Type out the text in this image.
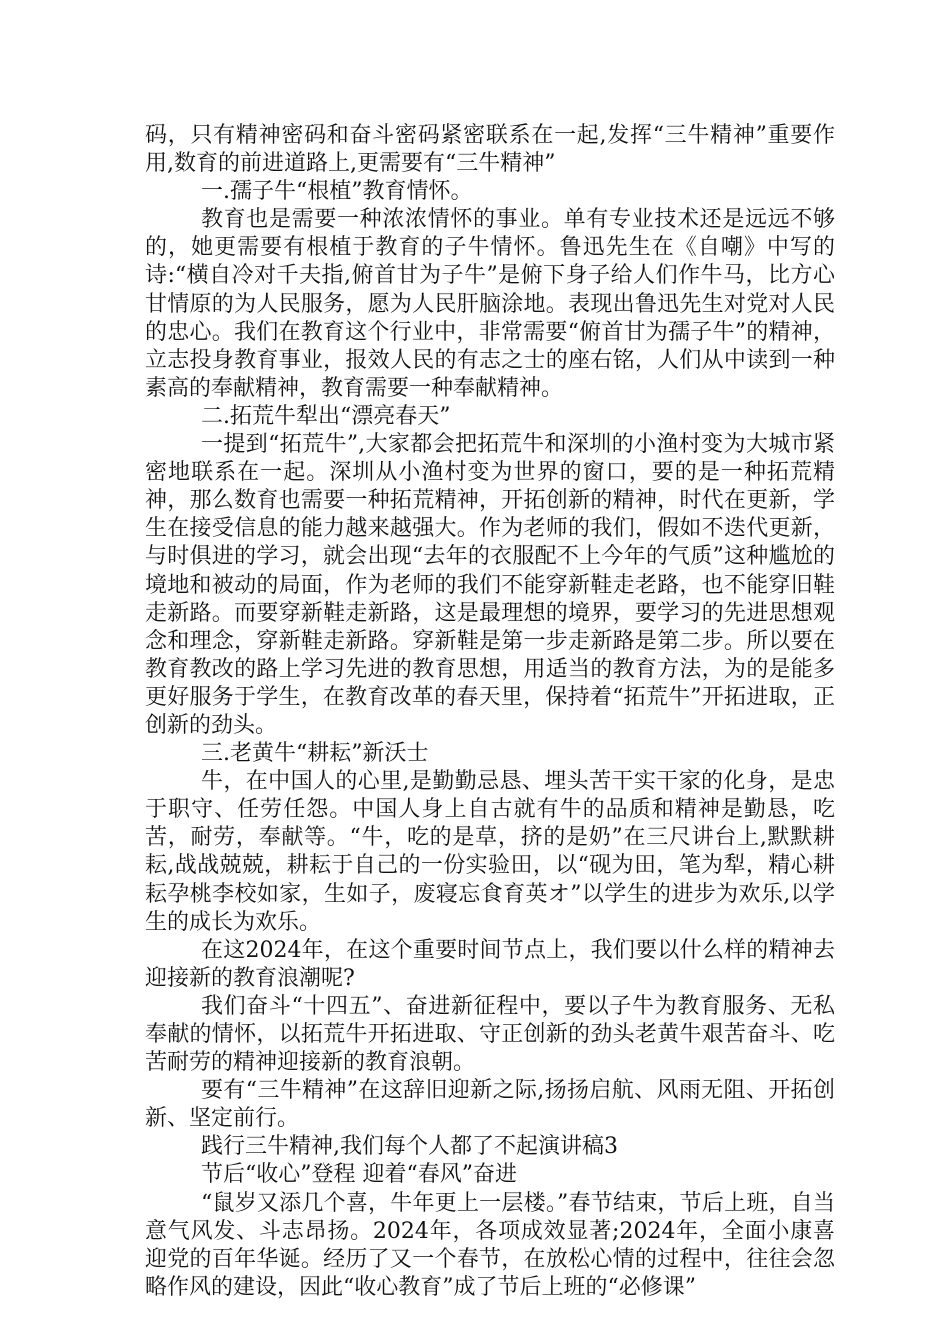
码，只有精神密码和奋斗密码紧密联系在一起,发挥“三牛精神”重要作用,数育的前进道路上,更需要有“三牛精神”

一.孺子牛“根植”教育情怀。

教育也是需要一种浓浓情怀的事业。单有专业技术还是远远不够的，她更需要有根植于教育的子牛情怀。鲁迅先生在《自嘲》中写的诗:“横自冷对千夫指,俯首甘为子牛”是俯下身子给人们作牛马，比方心甘情原的为人民服务，愿为人民肝脑涂地。表现出鲁迅先生对党对人民的忠心。我们在教育这个行业中，非常需要“俯首甘为孺子牛”的精神，立志投身教育事业，报效人民的有志之士的座右铭，人们从中读到一种素高的奉献精神，教育需要一种奉献精神。

二.拓荒牛犁出“漂亮春天”

一提到“拓荒牛”,大家都会把拓荒牛和深圳的小渔村变为大城市紧密地联系在一起。深圳从小渔村变为世界的窗口，要的是一种拓荒精神，那么数育也需要一种拓荒精神，开拓创新的精神，时代在更新，学生在接受信息的能力越来越强大。作为老师的我们，假如不迭代更新，与时俱进的学习，就会出现“去年的衣服配不上今年的气质”这种尴尬的境地和被动的局面，作为老师的我们不能穿新鞋走老路，也不能穿旧鞋走新路。而要穿新鞋走新路，这是最理想的境界，要学习的先进思想观念和理念，穿新鞋走新路。穿新鞋是第一步走新路是第二步。所以要在教育教改的路上学习先进的教育思想，用适当的教育方法，为的是能多更好服务于学生，在教育改革的春天里，保持着“拓荒牛”开拓进取，正创新的劲头。

三.老黄牛“耕耘”新沃士

牛，在中国人的心里,是勤勤忌恳、埋头苦干实干家的化身，是忠于职守、任劳任怨。中国人身上自古就有牛的品质和精神是勤恳，吃苦，耐劳，奉献等。“牛，吃的是草，挤的是奶”在三尺讲台上,默默耕耘,战战兢兢，耕耘于自己的一份实验田，以“砚为田，笔为犁，精心耕耘孕桃李校如家，生如子，废寝忘食育英オ”以学生的进步为欢乐,以学生的成长为欢乐。

在这2024年，在这个重要时间节点上，我们要以什么样的精神去迎接新的教育浪潮呢?

我们奋斗“十四五”、奋进新征程中，要以子牛为教育服务、无私奉献的情怀，以拓荒牛开拓进取、守正创新的劲头老黄牛艰苦奋斗、吃苦耐劳的精神迎接新的教育浪朝。

要有“三牛精神”在这辞旧迎新之际,扬扬启航、风雨无阻、开拓创新、坚定前行。

践行三牛精神,我们每个人都了不起演讲稿3

节后“收心”登程 迎着“春风”奋进

“鼠岁又添几个喜，牛年更上一层楼。”春节结束，节后上班，自当意气风发、斗志昂扬。2024年，各项成效显著;2024年，全面小康喜迎党的百年华诞。经历了又一个春节，在放松心情的过程中，往往会忽略作风的建设，因此“收心教育”成了节后上班的“必修课”
